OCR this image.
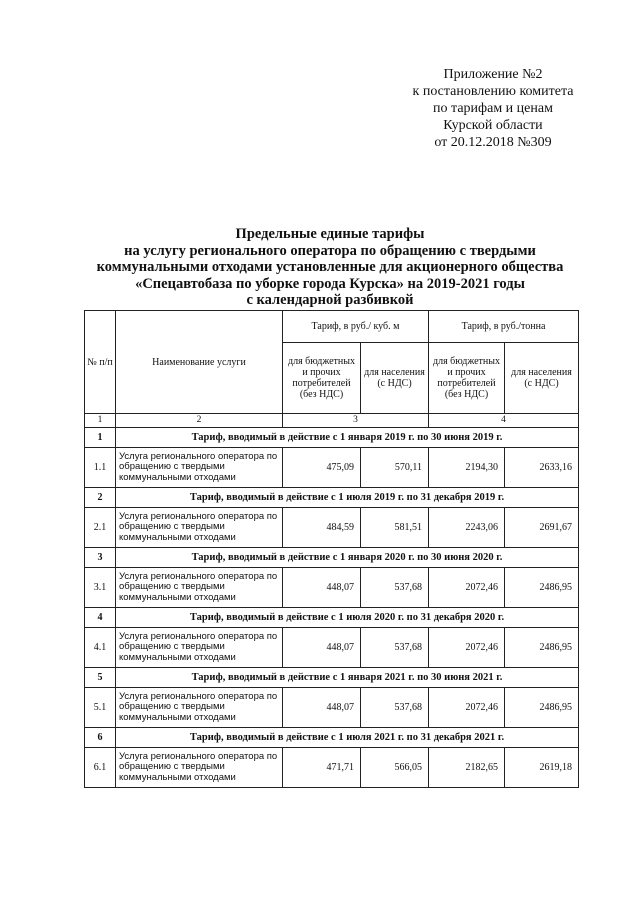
Приложение №2
к постановлению комитета
по тарифам и ценам
Курской области
от 20.12.2018 №309
Предельные единые тарифы
на услугу регионального оператора по обращению с твердыми
коммунальными отходами установленные для акционерного общества
«Спецавтобаза по уборке города Курска» на 2019-2021 годы
с календарной разбивкой
№ п/п	Наименование услуги	Тариф, в руб./ куб. м		Тариф, в руб./тонна	
		для бюджетных и прочих потребителей (без НДС)	для населения (с НДС)	для бюджетных и прочих потребителей (без НДС)	для населения (с НДС)
1	2	3		4	
1	Тариф, вводимый в действие с 1 января 2019 г. по 30 июня 2019 г.				
1.1	Услуга регионального оператора по обращению с твердыми коммунальными отходами	475,09	570,11	2194,30	2633,16
2	Тариф, вводимый в действие с 1 июля 2019 г. по 31 декабря 2019 г.				
2.1	Услуга регионального оператора по обращению с твердыми коммунальными отходами	484,59	581,51	2243,06	2691,67
3	Тариф, вводимый в действие с 1 января 2020 г. по 30 июня 2020 г.				
3.1	Услуга регионального оператора по обращению с твердыми коммунальными отходами	448,07	537,68	2072,46	2486,95
4	Тариф, вводимый в действие с 1 июля 2020 г. по 31 декабря 2020 г.				
4.1	Услуга регионального оператора по обращению с твердыми коммунальными отходами	448,07	537,68	2072,46	2486,95
5	Тариф, вводимый в действие с 1 января 2021 г. по 30 июня 2021 г.				
5.1	Услуга регионального оператора по обращению с твердыми коммунальными отходами	448,07	537,68	2072,46	2486,95
6	Тариф, вводимый в действие с 1 июля 2021 г. по 31 декабря 2021 г.				
6.1	Услуга регионального оператора по обращению с твердыми коммунальными отходами	471,71	566,05	2182,65	2619,18
